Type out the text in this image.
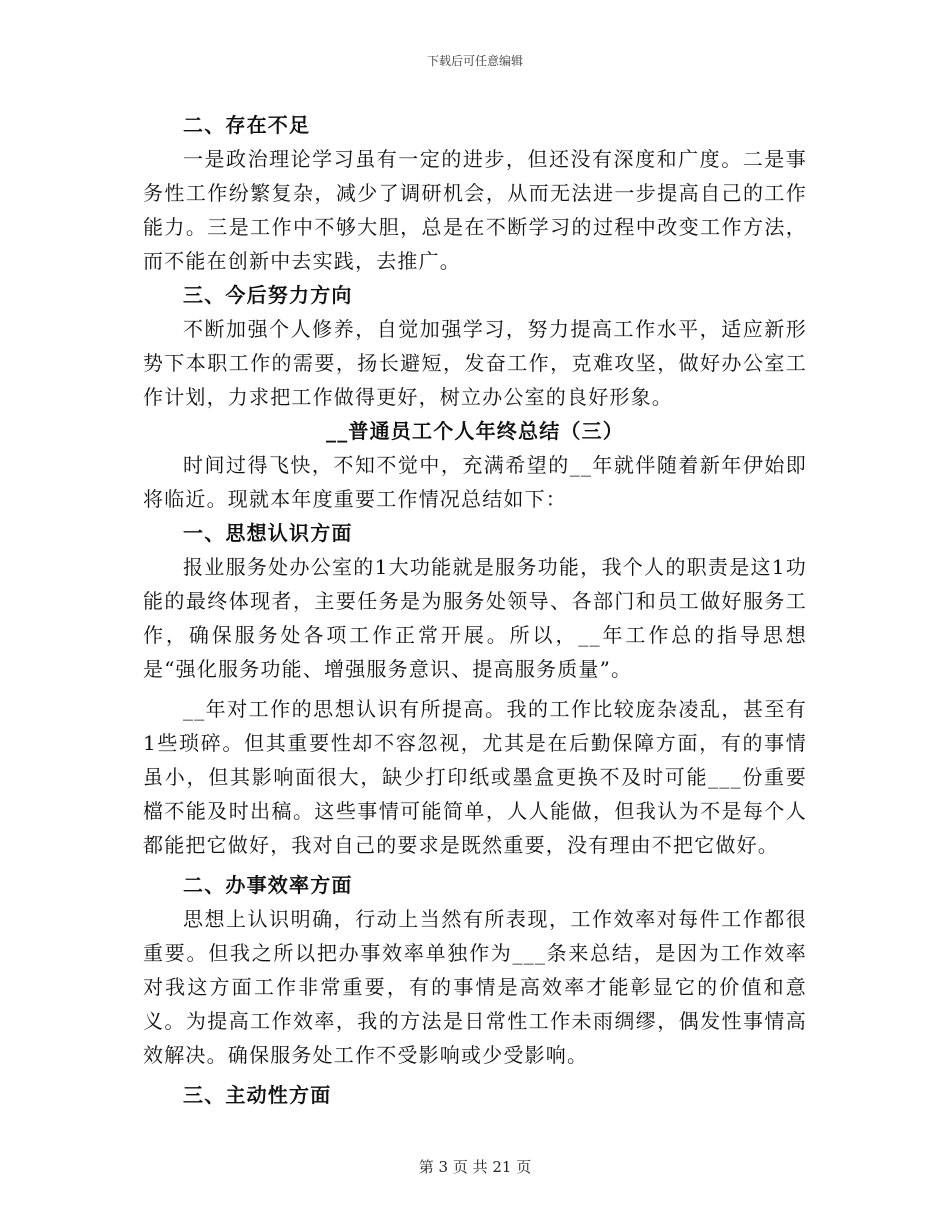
下载后可任意编辑

二、存在不足

一是政治理论学习虽有一定的进步，但还没有深度和广度。二是事务性工作纷繁复杂，减少了调研机会，从而无法进一步提高自己的工作能力。三是工作中不够大胆，总是在不断学习的过程中改变工作方法，而不能在创新中去实践，去推广。

三、今后努力方向

不断加强个人修养，自觉加强学习，努力提高工作水平，适应新形势下本职工作的需要，扬长避短，发奋工作，克难攻坚，做好办公室工作计划，力求把工作做得更好，树立办公室的良好形象。

__普通员工个人年终总结（三）

时间过得飞快，不知不觉中，充满希望的__年就伴随着新年伊始即将临近。现就本年度重要工作情况总结如下：

一、思想认识方面

报业服务处办公室的1大功能就是服务功能，我个人的职责是这1功能的最终体现者，主要任务是为服务处领导、各部门和员工做好服务工作，确保服务处各项工作正常开展。所以，__年工作总的指导思想是“强化服务功能、增强服务意识、提高服务质量”。

__年对工作的思想认识有所提高。我的工作比较庞杂凌乱，甚至有1些琐碎。但其重要性却不容忽视，尤其是在后勤保障方面，有的事情虽小，但其影响面很大，缺少打印纸或墨盒更换不及时可能___份重要檔不能及时出稿。这些事情可能简单，人人能做，但我认为不是每个人都能把它做好，我对自己的要求是既然重要，没有理由不把它做好。

二、办事效率方面

思想上认识明确，行动上当然有所表现，工作效率对每件工作都很重要。但我之所以把办事效率单独作为___条来总结，是因为工作效率对我这方面工作非常重要，有的事情是高效率才能彰显它的价值和意义。为提高工作效率，我的方法是日常性工作未雨绸缪，偶发性事情高效解决。确保服务处工作不受影响或少受影响。

三、主动性方面

第 3 页 共 21 页
